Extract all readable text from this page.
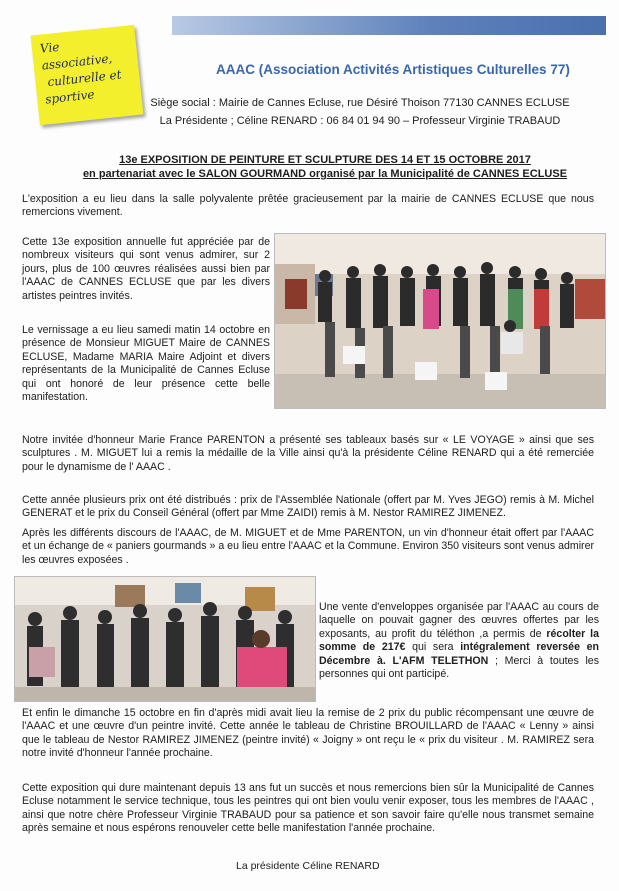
Vie associative,
culturelle et
sportive
AAAC (Association Activités Artistiques Culturelles 77)
Siège social : Mairie de Cannes Ecluse, rue Désiré Thoison 77130 CANNES ECLUSE
La Présidente ; Céline RENARD : 06 84 01 94 90 – Professeur Virginie TRABAUD
13e EXPOSITION DE PEINTURE ET SCULPTURE DES 14 ET 15 OCTOBRE 2017
en partenariat avec le SALON GOURMAND organisé par la Municipalité de CANNES ECLUSE

L'exposition a eu lieu dans la salle polyvalente prêtée gracieusement par la mairie de CANNES ECLUSE que nous remercions vivement.

Cette 13e exposition annuelle fut appréciée par de nombreux visiteurs qui sont venus admirer, sur 2 jours, plus de 100 œuvres réalisées aussi bien par l'AAAC de CANNES ECLUSE que par les divers artistes peintres invités.

Le vernissage a eu lieu samedi matin 14 octobre en présence de Monsieur MIGUET Maire de CANNES ECLUSE, Madame MARIA Maire Adjoint et divers représentants de la Municipalité de Cannes Ecluse qui ont honoré de leur présence cette belle manifestation.

Notre invitée d'honneur Marie France PARENTON a présenté ses tableaux basés sur « LE VOYAGE » ainsi que ses sculptures . M. MIGUET lui a remis la médaille de la Ville ainsi qu'à la présidente Céline RENARD qui a été remerciée pour le dynamisme de l' AAAC .

Cette année plusieurs prix ont été distribués : prix de l'Assemblée Nationale (offert par M. Yves JEGO) remis à M. Michel GENERAT et le prix du Conseil Général (offert par Mme ZAIDI) remis à M. Nestor RAMIREZ JIMENEZ.

Après les différents discours de l'AAAC, de M. MIGUET et de Mme PARENTON, un vin d'honneur était offert par l'AAAC et un échange de « paniers gourmands » a eu lieu entre l'AAAC et la Commune. Environ 350 visiteurs sont venus admirer les œuvres exposées .

Une vente d'enveloppes organisée par l'AAAC au cours de laquelle on pouvait gagner des œuvres offertes par les exposants, au profit du téléthon ,a permis de récolter la somme de 217€ qui sera intégralement reversée en Décembre à. L'AFM TELETHON ; Merci à toutes les personnes qui ont participé.

Et enfin le dimanche 15 octobre en fin d'après midi avait lieu la remise de 2 prix du public récompensant une œuvre de l'AAAC et une œuvre d'un peintre invité. Cette année le tableau de Christine BROUILLARD de l'AAAC « Lenny » ainsi que le tableau de Nestor RAMIREZ JIMENEZ (peintre invité) « Joigny » ont reçu le « prix du visiteur . M. RAMIREZ sera notre invité d'honneur l'année prochaine.

Cette exposition qui dure maintenant depuis 13 ans fut un succès et nous remercions bien sûr la Municipalité de Cannes Ecluse notamment le service technique, tous les peintres qui ont bien voulu venir exposer, tous les membres de l'AAAC , ainsi que notre chère Professeur Virginie TRABAUD pour sa patience et son savoir faire qu'elle nous transmet semaine après semaine et nous espérons renouveler cette belle manifestation l'année prochaine.

La présidente Céline RENARD
